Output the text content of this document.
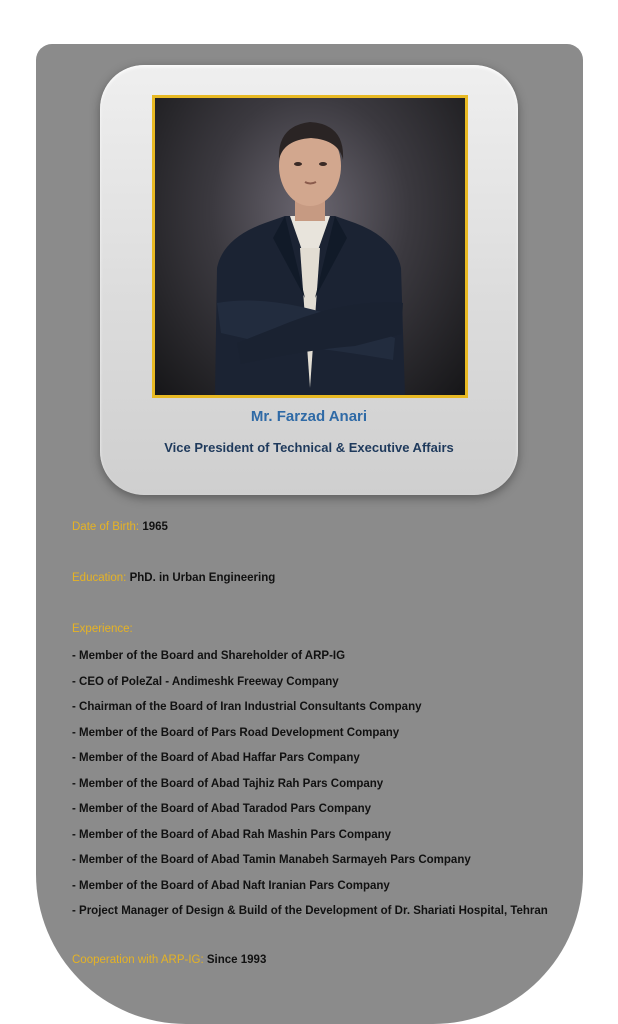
Mr. Farzad Anari
Vice President of Technical & Executive Affairs
Date of Birth: 1965
Education: PhD. in Urban Engineering
Experience:
- Member of the Board and Shareholder of ARP-IG
- CEO of PoleZal - Andimeshk Freeway Company
- Chairman of the Board of Iran Industrial Consultants Company
- Member of the Board of Pars Road Development Company
- Member of the Board of Abad Haffar Pars Company
- Member of the Board of Abad Tajhiz Rah Pars Company
- Member of the Board of Abad Taradod Pars Company
- Member of the Board of Abad Rah Mashin Pars Company
- Member of the Board of Abad Tamin Manabeh Sarmayeh Pars Company
- Member of the Board of Abad Naft Iranian Pars Company
- Project Manager of Design & Build of the Development of Dr. Shariati Hospital, Tehran
Cooperation with ARP-IG: Since 1993
